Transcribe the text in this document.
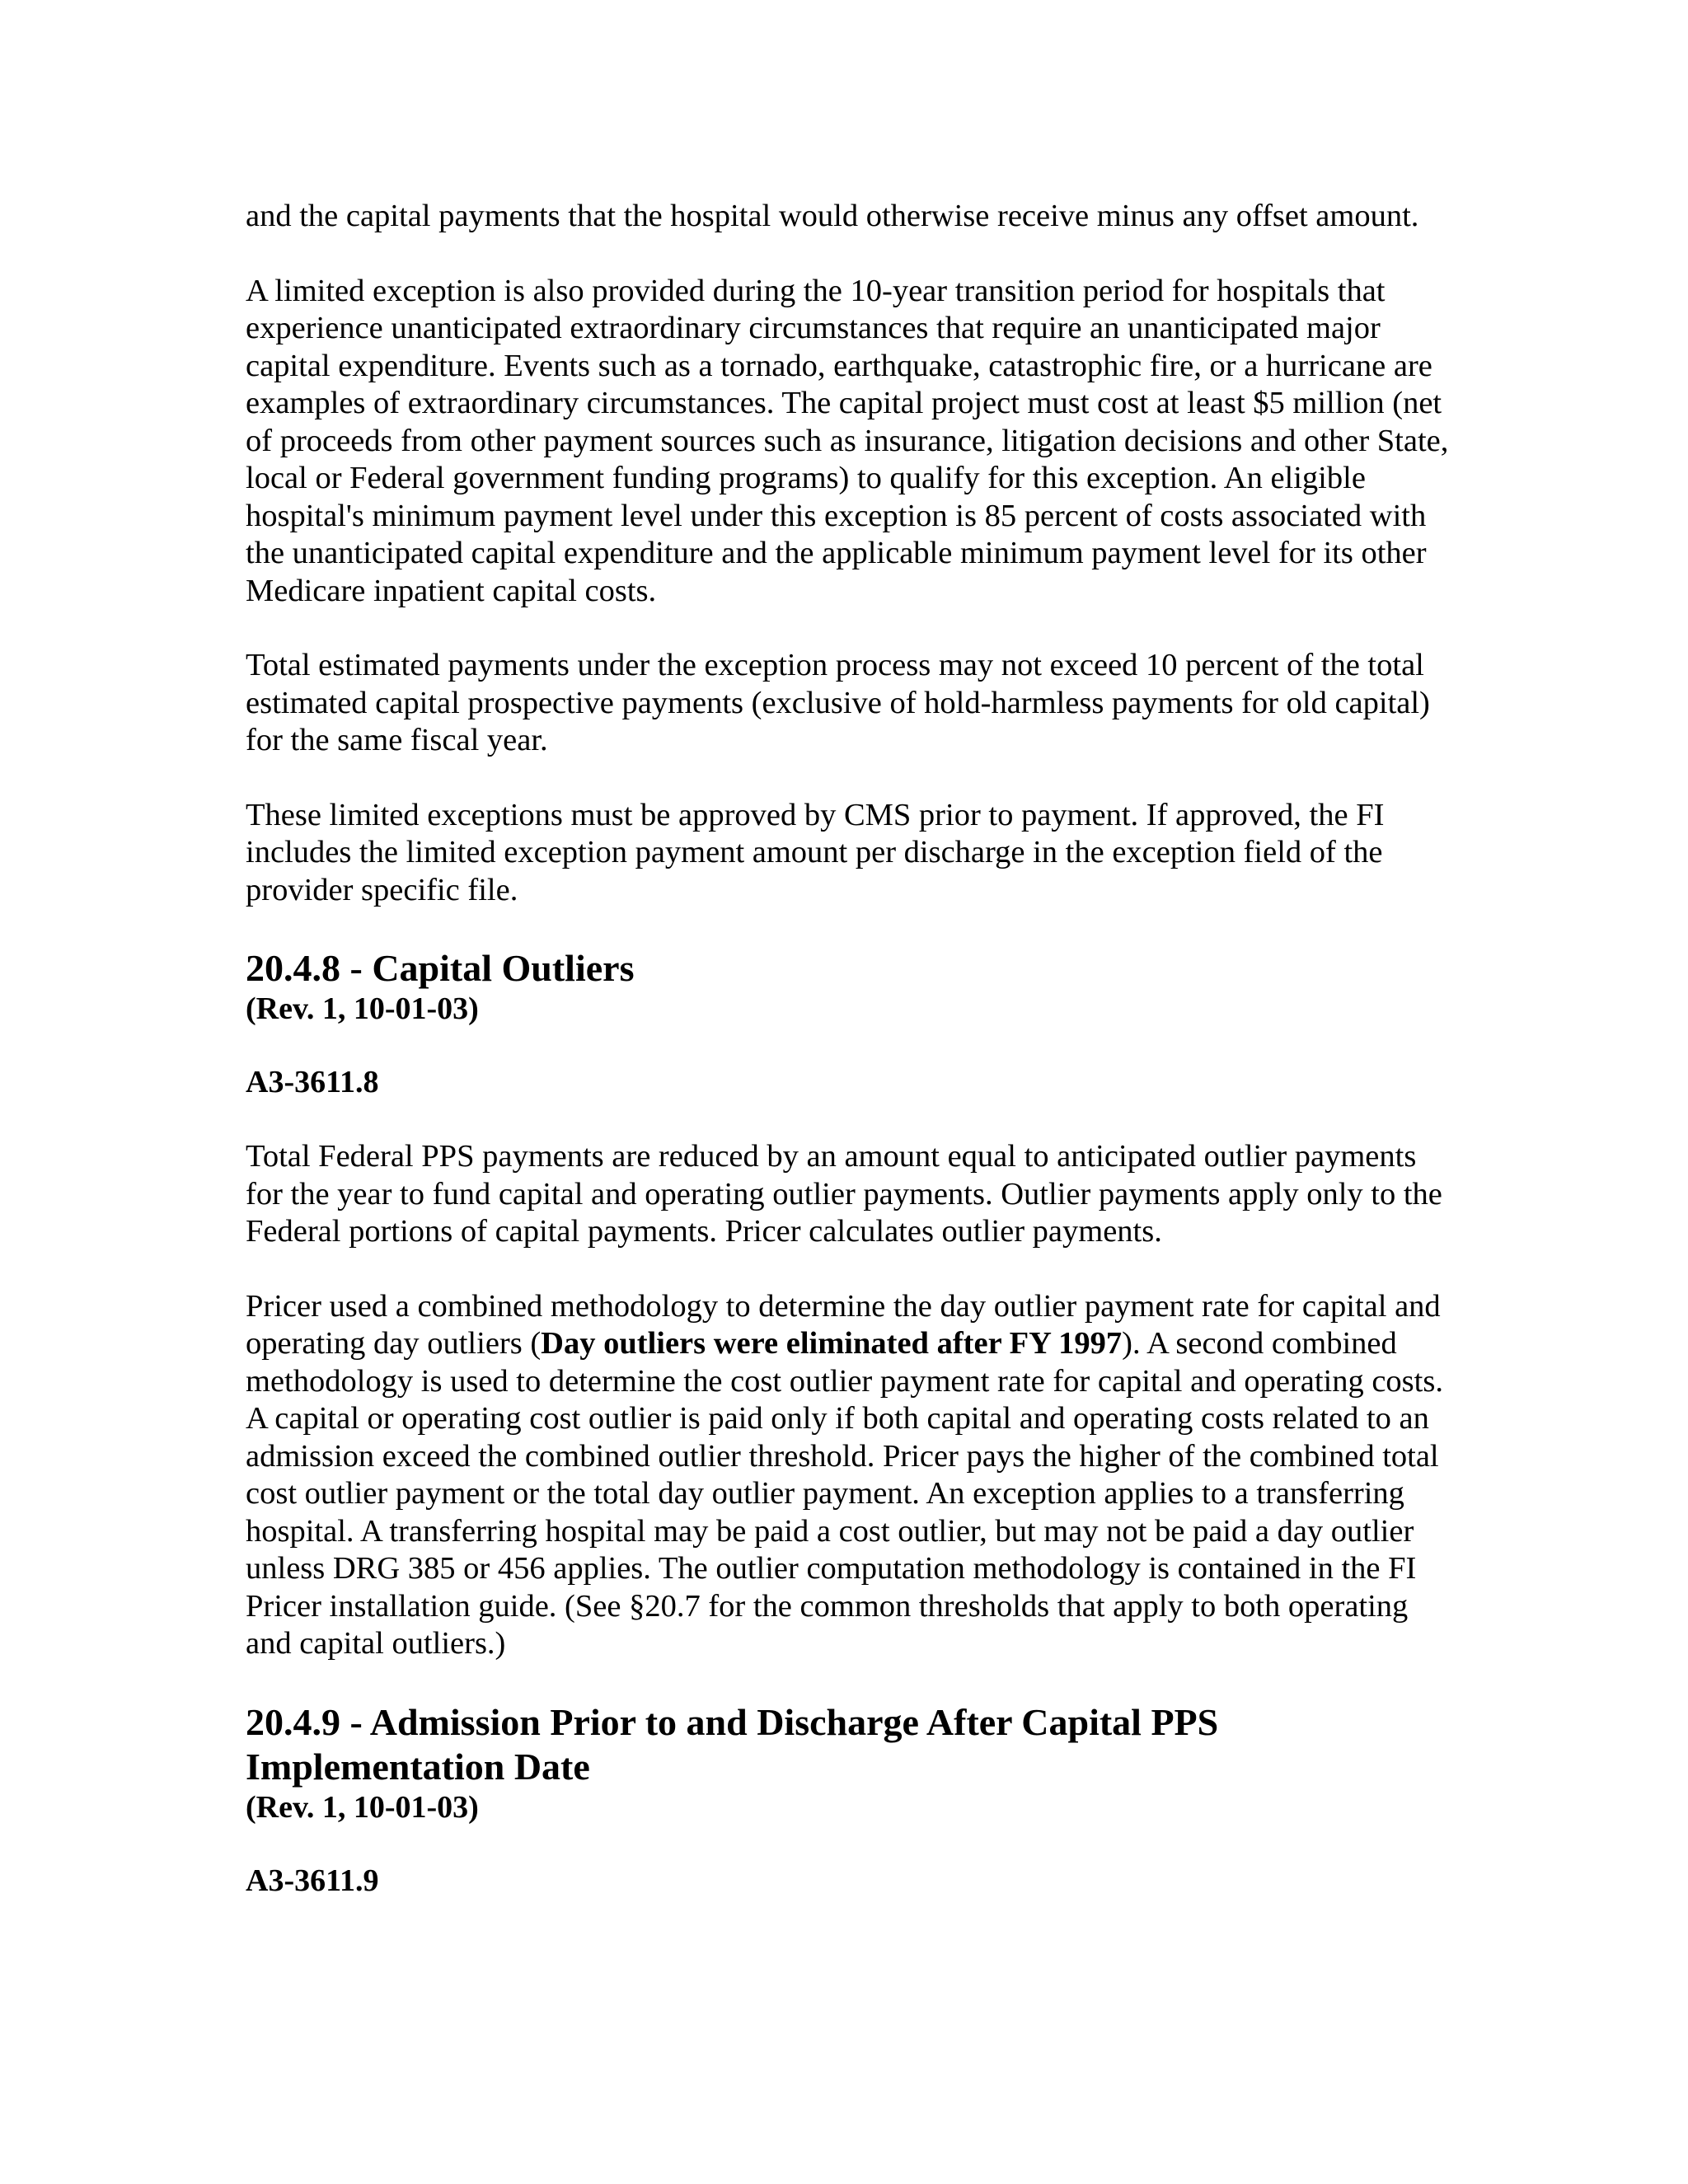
and the capital payments that the hospital would otherwise receive minus any offset amount.

A limited exception is also provided during the 10-year transition period for hospitals that experience unanticipated extraordinary circumstances that require an unanticipated major capital expenditure. Events such as a tornado, earthquake, catastrophic fire, or a hurricane are examples of extraordinary circumstances. The capital project must cost at least $5 million (net of proceeds from other payment sources such as insurance, litigation decisions and other State, local or Federal government funding programs) to qualify for this exception. An eligible hospital's minimum payment level under this exception is 85 percent of costs associated with the unanticipated capital expenditure and the applicable minimum payment level for its other Medicare inpatient capital costs.

Total estimated payments under the exception process may not exceed 10 percent of the total estimated capital prospective payments (exclusive of hold-harmless payments for old capital) for the same fiscal year.

These limited exceptions must be approved by CMS prior to payment. If approved, the FI includes the limited exception payment amount per discharge in the exception field of the provider specific file.

20.4.8 - Capital Outliers
(Rev. 1, 10-01-03)
A3-3611.8

Total Federal PPS payments are reduced by an amount equal to anticipated outlier payments for the year to fund capital and operating outlier payments. Outlier payments apply only to the Federal portions of capital payments. Pricer calculates outlier payments.

Pricer used a combined methodology to determine the day outlier payment rate for capital and operating day outliers (Day outliers were eliminated after FY 1997). A second combined methodology is used to determine the cost outlier payment rate for capital and operating costs. A capital or operating cost outlier is paid only if both capital and operating costs related to an admission exceed the combined outlier threshold. Pricer pays the higher of the combined total cost outlier payment or the total day outlier payment. An exception applies to a transferring hospital. A transferring hospital may be paid a cost outlier, but may not be paid a day outlier unless DRG 385 or 456 applies. The outlier computation methodology is contained in the FI Pricer installation guide. (See §20.7 for the common thresholds that apply to both operating and capital outliers.)

20.4.9 - Admission Prior to and Discharge After Capital PPS Implementation Date
(Rev. 1, 10-01-03)
A3-3611.9
